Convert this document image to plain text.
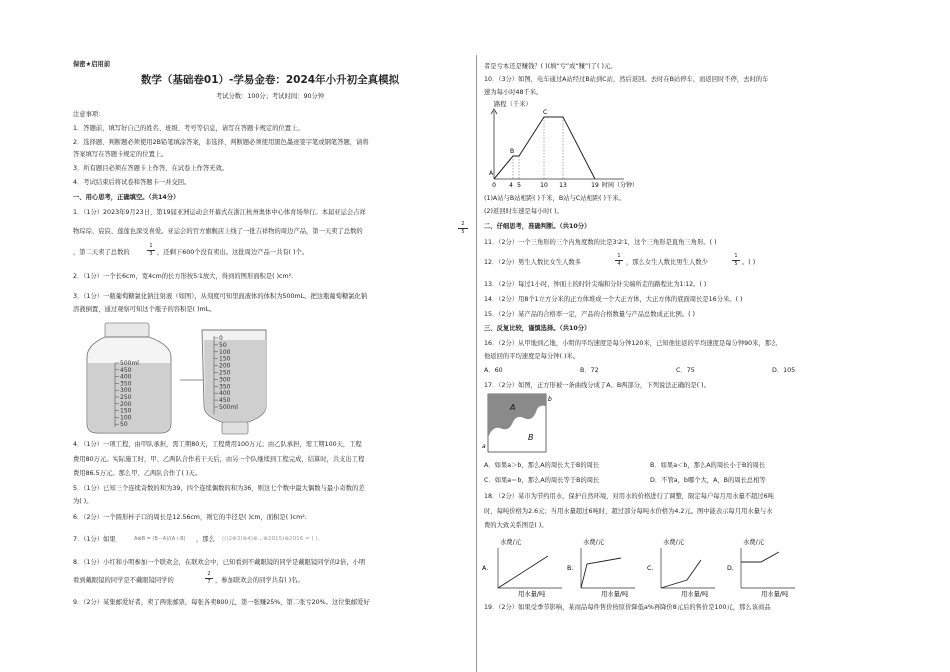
保密★启用前
数学（基础卷01）-学易金卷：2024年小升初全真模拟
考试分数：100分；考试时间：90分钟
注意事项：
1．答题前，填写好自己的姓名、班级、考号等信息，请写在答题卡规定的位置上。
2．选择题、判断题必须使用2B铅笔填涂答案，非选择、判断题必须使用黑色墨迹签字笔或钢笔答题，请将
答案填写在答题卡规定的位置上。
3．所有题目必须在答题卡上作答，在试卷上作答无效。
4．考试结束后将试卷和答题卡一并交回。
一、用心思考，正确填空。（共14分）
1．（1分）2023年9月23日，第19届亚洲运动会开幕式在浙江杭州奥体中心体育场举行。本届亚运会吉祥
物琮琮、宸宸、莲莲也深受喜爱。亚运会的官方旗舰店上线了一批吉祥物的周边产品，第一天卖了总数的	$\frac{2}{5}$
，第二天卖了总数的	$\frac{1}{3}$ ，还剩下600个没有卖出。这批周边产品一共有( )个。
2．（1分）一个长6cm，宽4cm的长方形按5∶1放大，得到的图形面积是( )cm².
3．（1分）一瓶葡萄糖氯化钠注射液（如图），从刻度可知里面液体的体积为500mL。把这瓶葡萄糖氯化钠
溶液倒置，通过观察可知这个瓶子的容积是( )mL。
500ml
450
400
350
300
250
200
150
100
50
0
50
100
150
200
250
300
350
400
450
500ml
4．（1分）一项工程，由甲队承担，需工期80天，工程费用100万元；由乙队承担，需工期100天，工程
费用80万元。实际施工时，甲、乙两队合作若干天后，由另一个队继续到工程完成，结算时，共支出工程
费用86.5万元。那么甲、乙两队合作了( )天。
5．（1分）已知三个连续奇数的和为39，四个连续偶数的和为36，则这七个数中最大偶数与最小奇数的差
为( )。
6．（2分）一个圆形杯子口的周长是12.56cm，则它的半径是( )cm，面积是( )cm².
7．（1分）如果	A⊗B = (B－A)/(A＋B) ，那么 (((2⊗3)⊗4)⊗…⊗2015)⊗2016 = ( )。
8．（1分）小红和小明参加一个联欢会，在联欢会中，已知看到不戴眼镜的同学是戴眼镜同学的2倍，小明
看到戴眼镜的同学是不戴眼镜同学的	$\frac{2}{7}$ ，参加联欢会的同学共有( )名。
9．（2分）某集邮爱好者，卖了两张邮票，每张各卖800元，第一张赚25%，第二张亏20%。这位集邮爱好
者是亏本还是赚钱？( )(填“亏”或“赚”)了( )元。
10．（3分）如图，电车通过A站经过B站到C站，然后返回。去时在B站停车，而返回时不停，去时的车
速为每小时48千米。
路程（千米）
A
B
C
0 4 5	10 13	19 时间（分钟）
(1)A站与B站相距( )千米，B站与C站相距( )千米。
(2)返回时车速是每小时( )。
二、仔细思考，准确判断。（共10分）
11．（2分）一个三角形的三个内角度数的比是3∶2∶1，这个三角形是直角三角形。( )
12．（2分）男生人数比女生人数多	$\frac{1}{4}$ ，那么女生人数比男生人数少	$\frac{1}{5}$ 。( )
13．（2分）每过1小时，钟面上的时针尖端和分针尖端所走的路程比为1∶12。( )
14．（2分）用8个1立方分米的正方体堆成一个大正方体，大正方体的底面周长是16分米。( )
15．（2分）某产品的合格率一定，产品的合格数量与产品总数成正比例。( )
三、反复比较，谨慎选择。（共10分）
16．（2分）从甲地到乙地，小明的平均速度是每分钟120米，已知他往返的平均速度是每分钟90米，那么
他返回的平均速度是每分钟( )米。
A．60	B．72	C．75	D．105
17．（2分）如图，正方形被一条曲线分成了A、B两部分，下列说法正确的是( )。
A
B
a
b
A．如果a＞b，那么A的周长大于B的周长	B．如果a＜b，那么A的周长小于B的周长
C．如果a＝b，那么A的周长等于B的周长	D．不管a，b哪个大，A，B的周长总相等
18．（2分）某市为节约用水，保护自然环境，对用水的价格进行了调整，限定每户每月用水量不超过6吨
时，每吨价格为2.6元；当用水量超过6吨时，超过部分每吨水价格为4.2元。图中能表示每月用水量与水
费的大致关系图是( )。
水费/元
A.
用水量/吨
水费/元
B.
用水量/吨
水费/元
C.
用水量/吨
水费/元
D.
用水量/吨
19．（2分）如果受季节影响，某商品每件售价按原价降低a%再降价8元后的售价是100元，那么该商品
